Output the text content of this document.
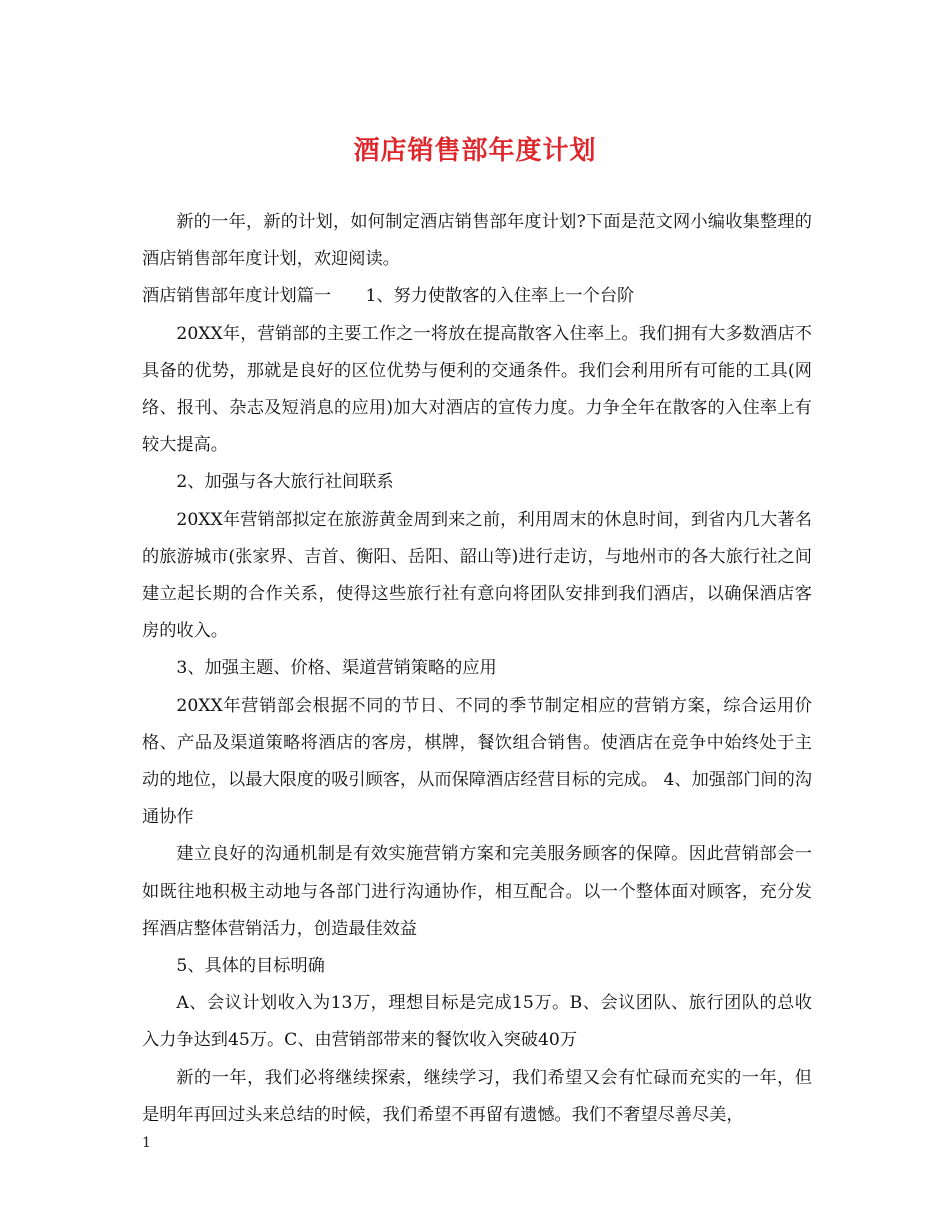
酒店销售部年度计划

新的一年，新的计划，如何制定酒店销售部年度计划?下面是范文网小编收集整理的酒店销售部年度计划，欢迎阅读。

酒店销售部年度计划篇一　　1、努力使散客的入住率上一个台阶

20XX年，营销部的主要工作之一将放在提高散客入住率上。我们拥有大多数酒店不具备的优势，那就是良好的区位优势与便利的交通条件。我们会利用所有可能的工具(网络、报刊、杂志及短消息的应用)加大对酒店的宣传力度。力争全年在散客的入住率上有较大提高。

2、加强与各大旅行社间联系

20XX年营销部拟定在旅游黄金周到来之前，利用周末的休息时间，到省内几大著名的旅游城市(张家界、吉首、衡阳、岳阳、韶山等)进行走访，与地州市的各大旅行社之间建立起长期的合作关系，使得这些旅行社有意向将团队安排到我们酒店，以确保酒店客房的收入。

3、加强主题、价格、渠道营销策略的应用

20XX年营销部会根据不同的节日、不同的季节制定相应的营销方案，综合运用价格、产品及渠道策略将酒店的客房，棋牌，餐饮组合销售。使酒店在竞争中始终处于主动的地位，以最大限度的吸引顾客，从而保障酒店经营目标的完成。 4、加强部门间的沟通协作

建立良好的沟通机制是有效实施营销方案和完美服务顾客的保障。因此营销部会一如既往地积极主动地与各部门进行沟通协作，相互配合。以一个整体面对顾客，充分发挥酒店整体营销活力，创造最佳效益

5、具体的目标明确

A、会议计划收入为13万，理想目标是完成15万。B、会议团队、旅行团队的总收入力争达到45万。C、由营销部带来的餐饮收入突破40万

新的一年，我们必将继续探索，继续学习，我们希望又会有忙碌而充实的一年，但是明年再回过头来总结的时候，我们希望不再留有遗憾。我们不奢望尽善尽美，

1
